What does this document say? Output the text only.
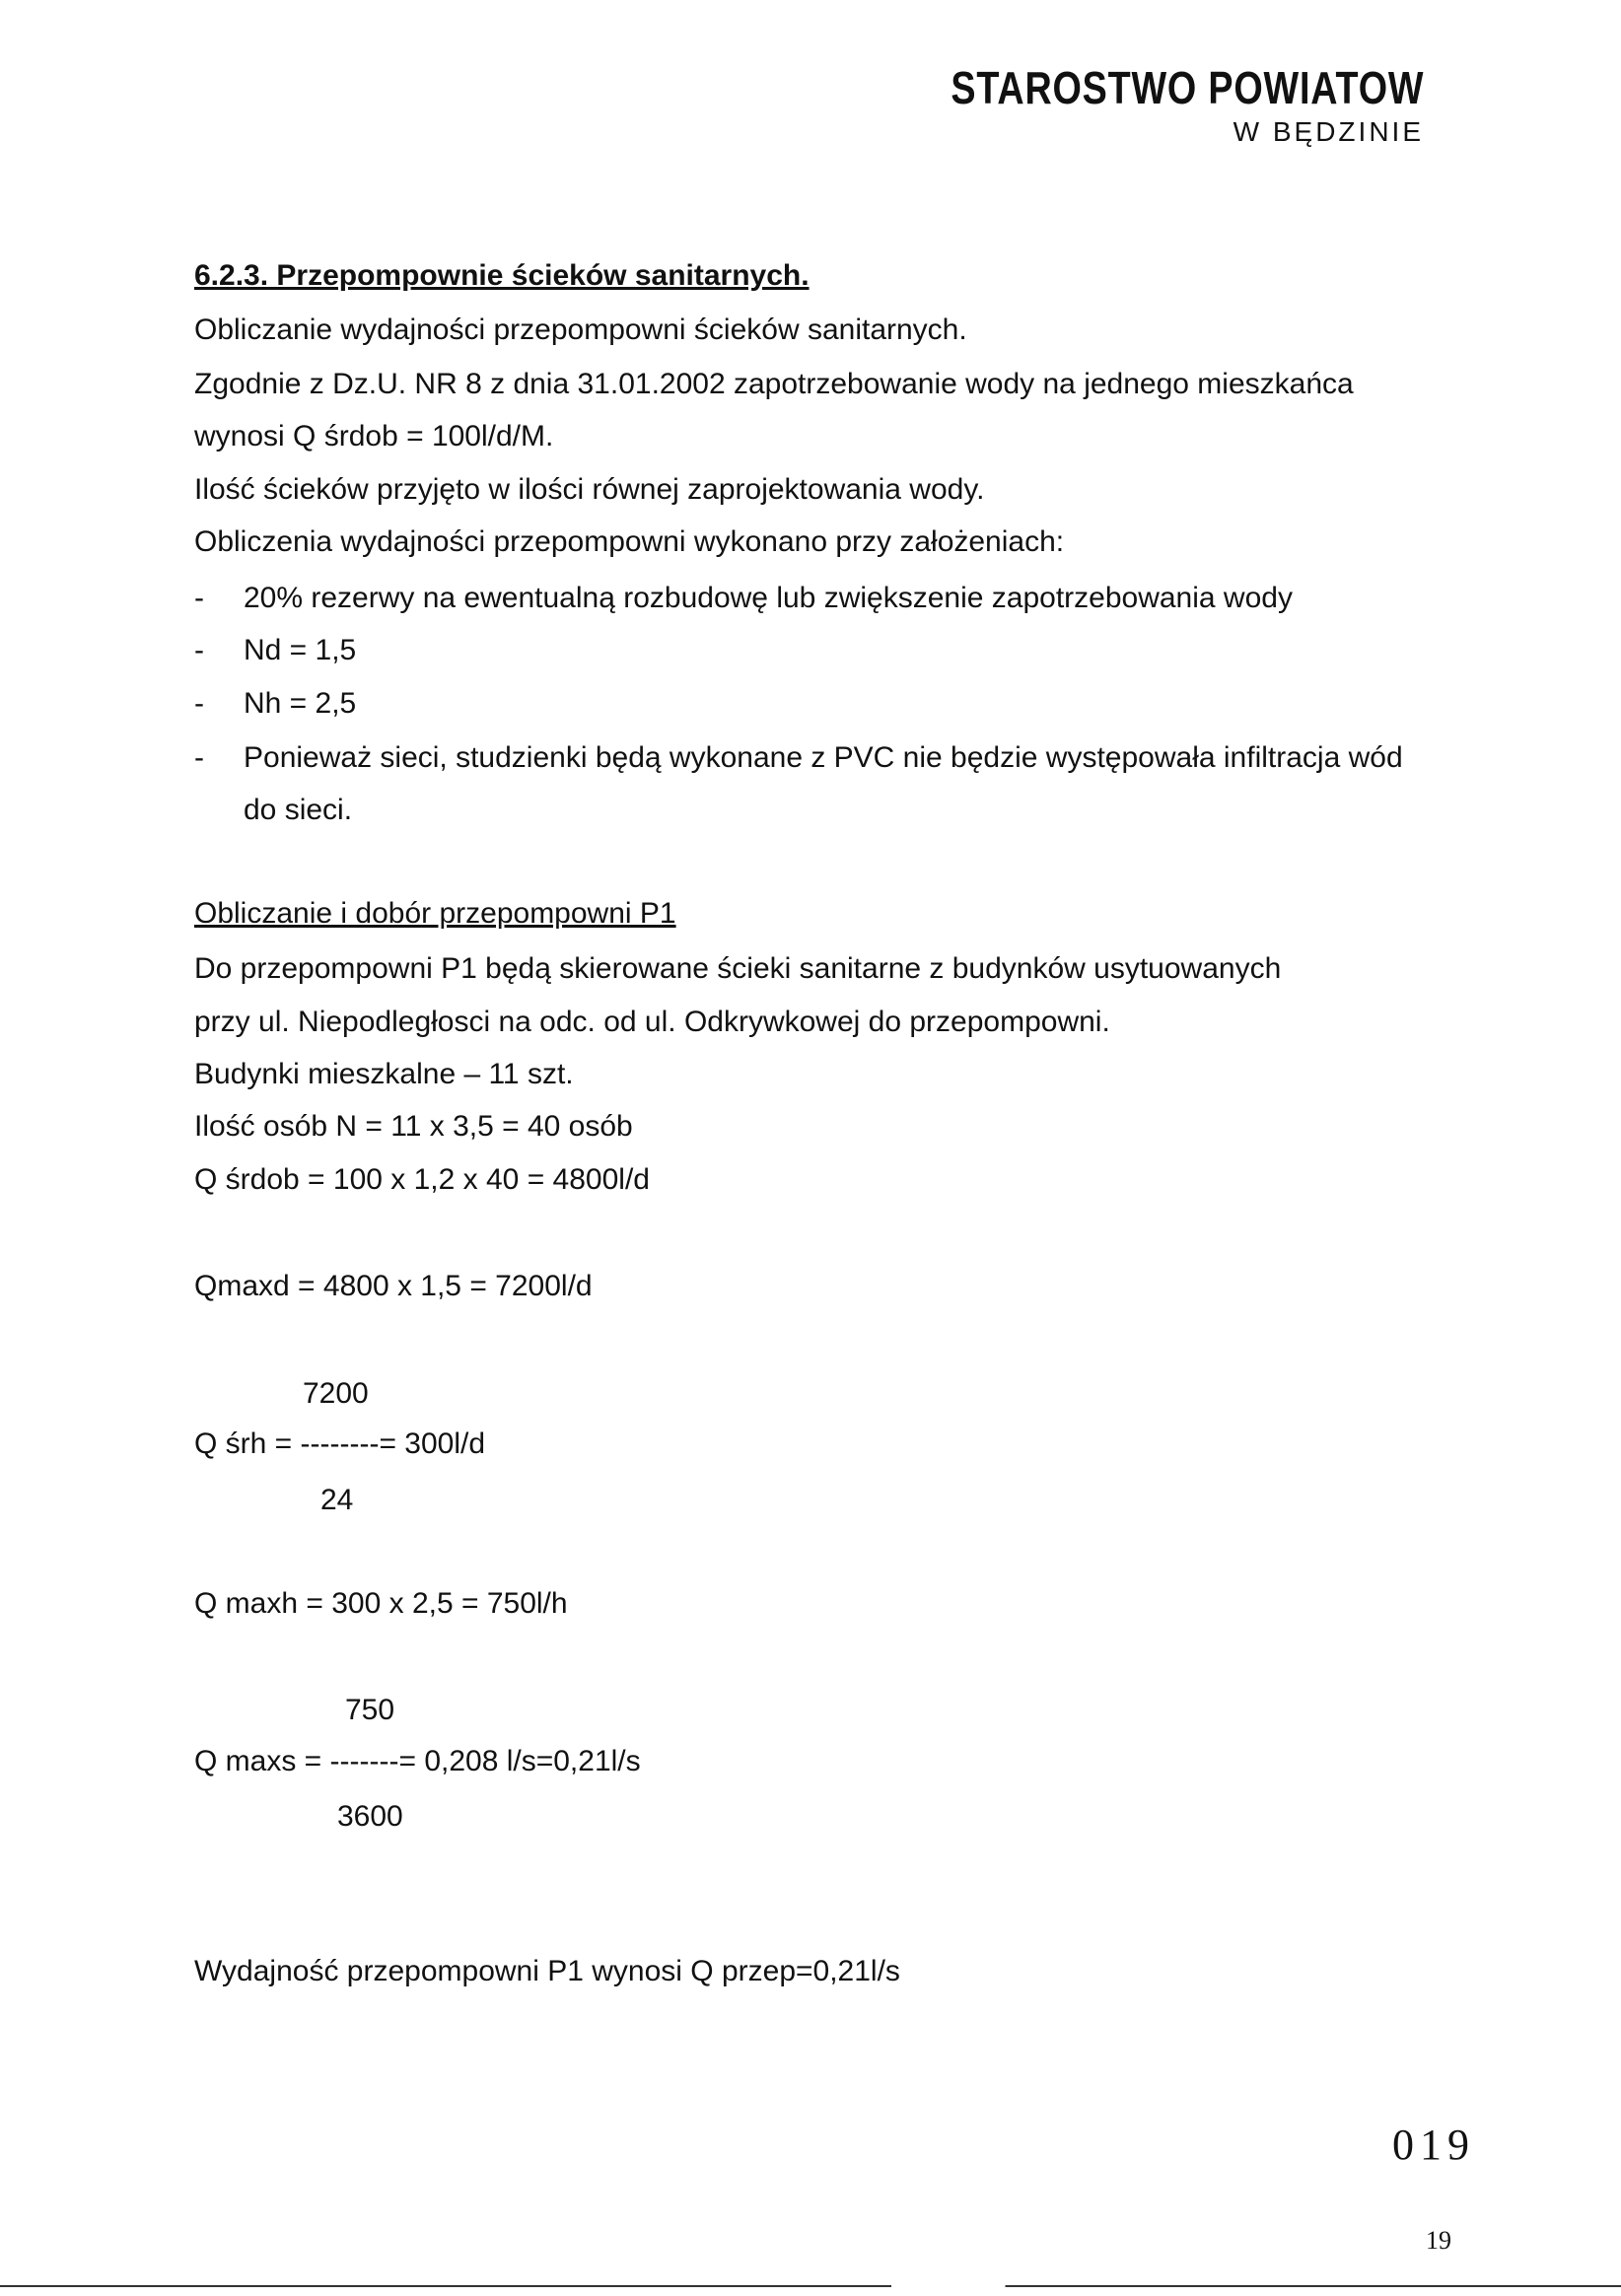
STAROSTWO POWIATOW
W BĘDZINIE
6.2.3. Przepompownie ścieków sanitarnych.
Obliczanie wydajności przepompowni ścieków sanitarnych.
Zgodnie z Dz.U. NR 8 z dnia 31.01.2002 zapotrzebowanie wody na jednego mieszkańca
wynosi Q śrdob = 100l/d/M.
Ilość ścieków przyjęto w ilości równej zaprojektowania wody.
Obliczenia wydajności przepompowni wykonano przy założeniach:
- 20% rezerwy na ewentualną rozbudowę lub zwiększenie zapotrzebowania wody
- Nd = 1,5
- Nh = 2,5
- Ponieważ sieci, studzienki będą wykonane z PVC nie będzie występowała infiltracja wód
do sieci.
Obliczanie i dobór przepompowni P1
Do przepompowni P1 będą skierowane ścieki sanitarne z budynków usytuowanych
przy ul. Niepodległosci na odc. od ul. Odkrywkowej do przepompowni.
Budynki mieszkalne – 11 szt.
Ilość osób N = 11 x 3,5 = 40 osób
Q śrdob = 100 x 1,2 x 40 = 4800l/d
Qmaxd = 4800 x 1,5 = 7200l/d
7200
Q śrh = --------= 300l/d
24
Q maxh = 300 x 2,5 = 750l/h
750
Q maxs = -------= 0,208 l/s=0,21l/s
3600
Wydajność przepompowni P1 wynosi Q przep=0,21l/s
019
19
